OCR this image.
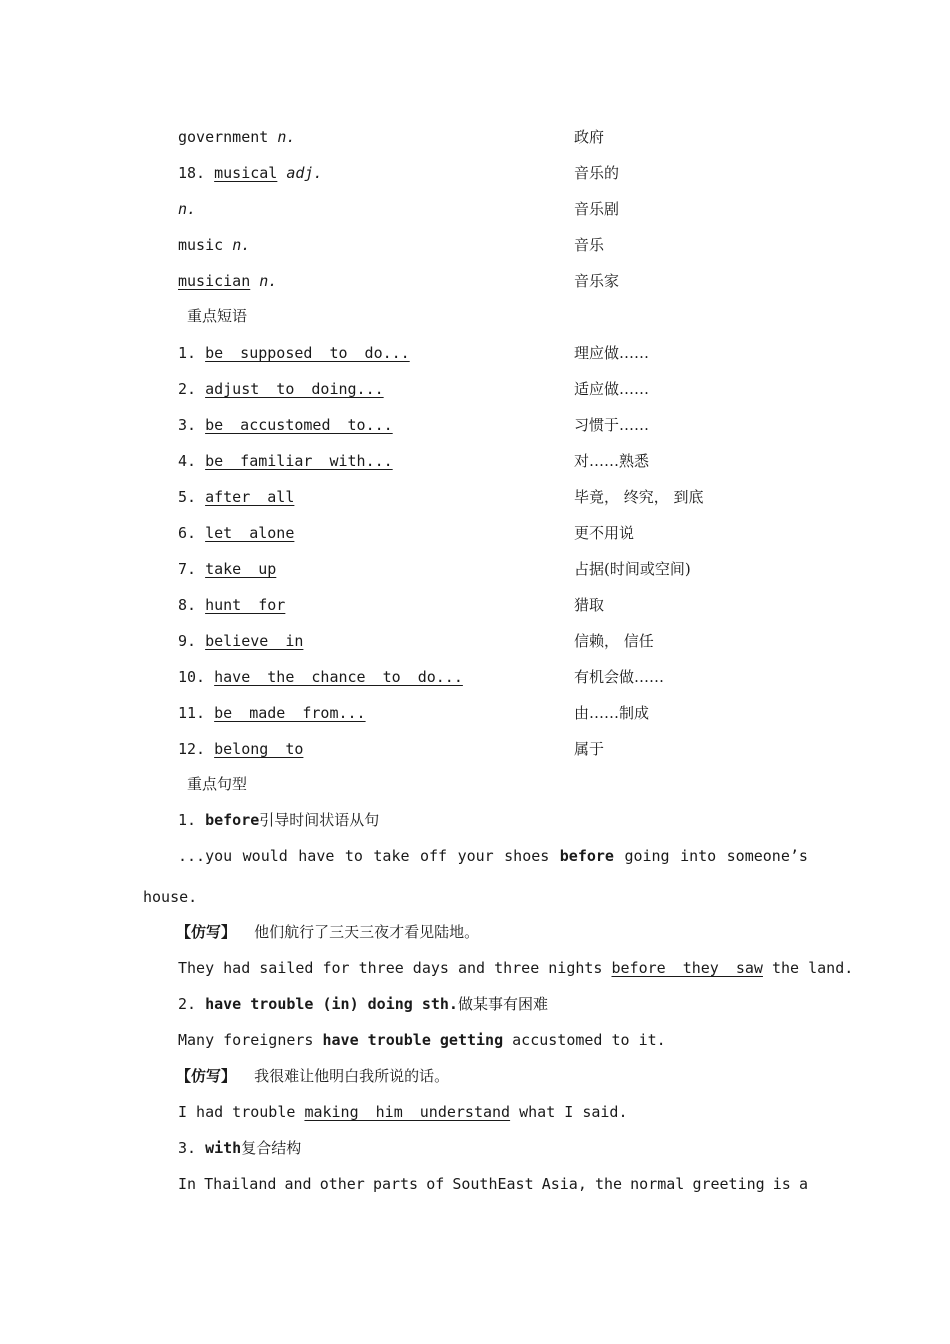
government n.	政府
18. musical adj.	音乐的
n.	音乐剧
music n.	音乐
musician n.	音乐家
重点短语
1. be supposed to do...	理应做……
2. adjust to doing...	适应做……
3. be accustomed to...	习惯于……
4. be familiar with...	对……熟悉
5. after all	毕竟， 终究， 到底
6. let alone	更不用说
7. take up	占据(时间或空间)
8. hunt for	猎取
9. believe in	信赖， 信任
10. have the chance to do...	有机会做……
11. be made from...	由……制成
12. belong to	属于
重点句型
1. before引导时间状语从句
...you would have to take off your shoes before going into someone’s
house.
【仿写】 他们航行了三天三夜才看见陆地。
They had sailed for three days and three nights before they saw the land.
2. have trouble (in) doing sth.做某事有困难
Many foreigners have trouble getting accustomed to it.
【仿写】 我很难让他明白我所说的话。
I had trouble making him understand what I said.
3. with复合结构
In Thailand and other parts of SouthEast Asia, the normal greeting is a
